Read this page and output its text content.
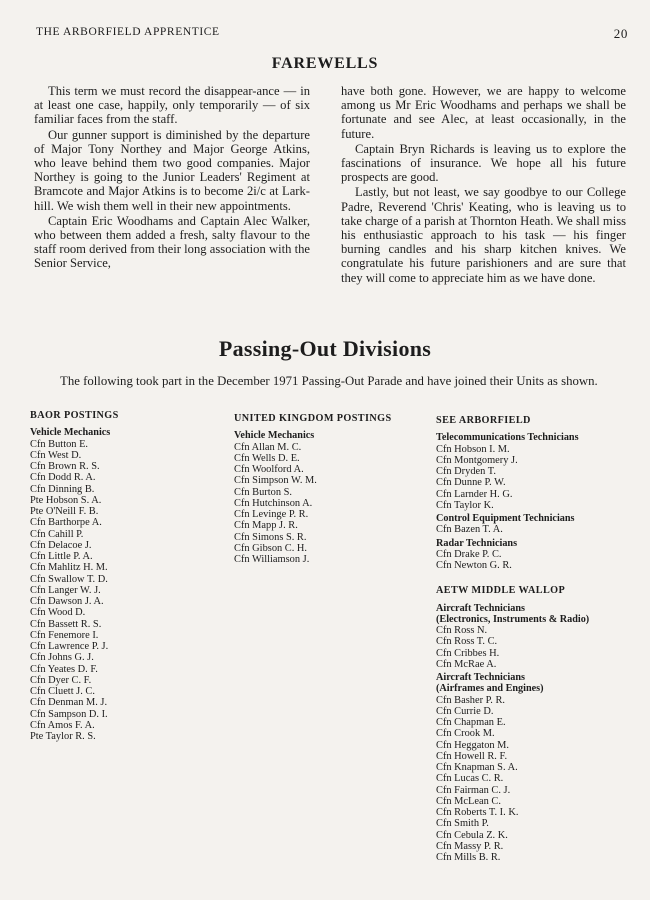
THE ARBORFIELD APPRENTICE	20
FAREWELLS

This term we must record the disappear-ance — in at least one case, happily, only temporarily — of six familiar faces from the staff.

Our gunner support is diminished by the departure of Major Tony Northey and Major George Atkins, who leave behind them two good companies. Major Northey is going to the Junior Leaders' Regiment at Bramcote and Major Atkins is to become 2i/c at Lark-hill. We wish them well in their new appointments.

Captain Eric Woodhams and Captain Alec Walker, who between them added a fresh, salty flavour to the staff room derived from their long association with the Senior Service,

have both gone. However, we are happy to welcome among us Mr Eric Woodhams and perhaps we shall be fortunate and see Alec, at least occasionally, in the future.

Captain Bryn Richards is leaving us to explore the fascinations of insurance. We hope all his future prospects are good.

Lastly, but not least, we say goodbye to our College Padre, Reverend 'Chris' Keating, who is leaving us to take charge of a parish at Thornton Heath. We shall miss his enthusiastic approach to his task — his finger burning candles and his sharp kitchen knives. We congratulate his future parishioners and are sure that they will come to appreciate him as we have done.

Passing-Out Divisions
The following took part in the December 1971 Passing-Out Parade and have joined their Units as shown.
BAOR POSTINGS
Vehicle Mechanics
Cfn Button E.
Cfn West D.
Cfn Brown R. S.
Cfn Dodd R. A.
Cfn Dinning B.
Pte Hobson S. A.
Pte O'Neill F. B.
Cfn Barthorpe A.
Cfn Cahill P.
Cfn Delacoe J.
Cfn Little P. A.
Cfn Mahlitz H. M.
Cfn Swallow T. D.
Cfn Langer W. J.
Cfn Dawson J. A.
Cfn Wood D.
Cfn Bassett R. S.
Cfn Fenemore I.
Cfn Lawrence P. J.
Cfn Johns G. J.
Cfn Yeates D. F.
Cfn Dyer C. F.
Cfn Cluett J. C.
Cfn Denman M. J.
Cfn Sampson D. I.
Cfn Amos F. A.
Pte Taylor R. S.
UNITED KINGDOM POSTINGS
Vehicle Mechanics
Cfn Allan M. C.
Cfn Wells D. E.
Cfn Woolford A.
Cfn Simpson W. M.
Cfn Burton S.
Cfn Hutchinson A.
Cfn Levinge P. R.
Cfn Mapp J. R.
Cfn Simons S. R.
Cfn Gibson C. H.
Cfn Williamson J.
SEE ARBORFIELD
Telecommunications Technicians
Cfn Hobson I. M.
Cfn Montgomery J.
Cfn Dryden T.
Cfn Dunne P. W.
Cfn Larnder H. G.
Cfn Taylor K.
Control Equipment Technicians
Cfn Bazen T. A.
Radar Technicians
Cfn Drake P. C.
Cfn Newton G. R.
AETW MIDDLE WALLOP
Aircraft Technicians
(Electronics, Instruments & Radio)
Cfn Ross N.
Cfn Ross T. C.
Cfn Cribbes H.
Cfn McRae A.
Aircraft Technicians
(Airframes and Engines)
Cfn Basher P. R.
Cfn Currie D.
Cfn Chapman E.
Cfn Crook M.
Cfn Heggaton M.
Cfn Howell R. F.
Cfn Knapman S. A.
Cfn Lucas C. R.
Cfn Fairman C. J.
Cfn McLean C.
Cfn Roberts T. I. K.
Cfn Smith P.
Cfn Cebula Z. K.
Cfn Massy P. R.
Cfn Mills B. R.
